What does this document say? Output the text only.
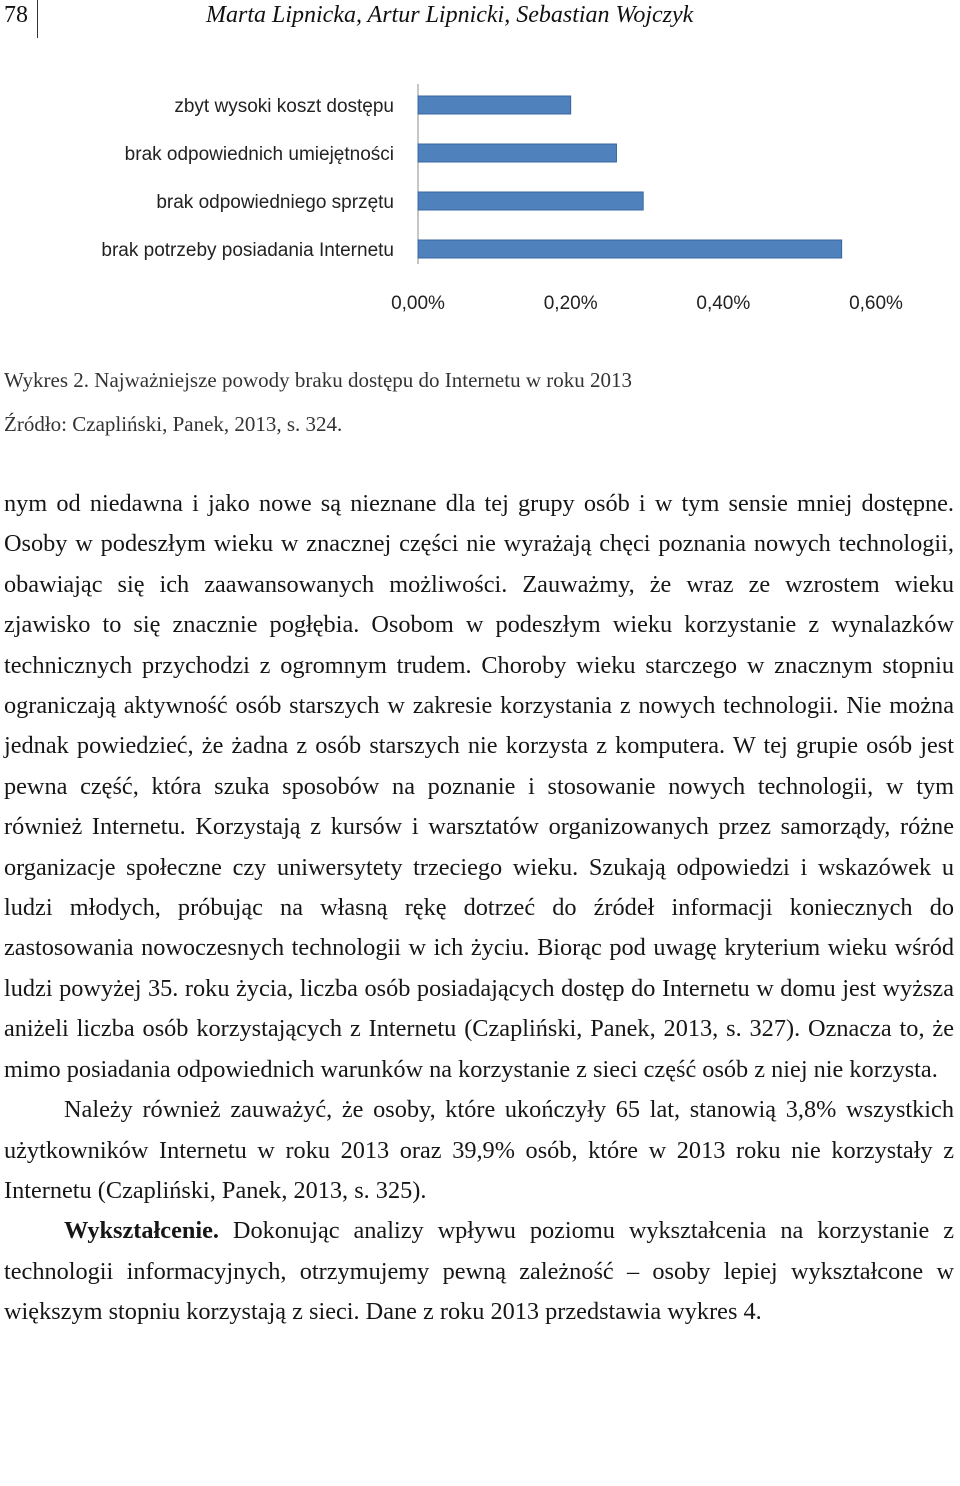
78	Marta Lipnicka, Artur Lipnicki, Sebastian Wojczyk
zbyt wysoki koszt dostępu
brak odpowiednich umiejętności
brak odpowiedniego sprzętu
brak potrzeby posiadania Internetu
0,00%	0,20%	0,40%	0,60%
Wykres 2. Najważniejsze powody braku dostępu do Internetu w roku 2013
Źródło: Czapliński, Panek, 2013, s. 324.

nym od niedawna i jako nowe są nieznane dla tej grupy osób i w tym sensie mniej dostępne. Osoby w podeszłym wieku w znacznej części nie wyrażają chęci poznania nowych technologii, obawiając się ich zaawansowanych możliwości. Zauważmy, że wraz ze wzrostem wieku zjawisko to się znacznie pogłębia. Osobom w podeszłym wieku korzystanie z wynalazków technicznych przychodzi z ogromnym trudem. Choroby wieku starczego w znacznym stopniu ograniczają aktywność osób starszych w zakresie korzystania z nowych technologii. Nie można jednak powiedzieć, że żadna z osób starszych nie korzysta z komputera. W tej grupie osób jest pewna część, która szuka sposobów na poznanie i stosowanie nowych technologii, w tym również Internetu. Korzystają z kursów i warsztatów organizowanych przez samorządy, różne organizacje społeczne czy uniwersytety trzeciego wieku. Szukają odpowiedzi i wskazówek u ludzi młodych, próbując na własną rękę dotrzeć do źródeł informacji koniecznych do zastosowania nowoczesnych technologii w ich życiu. Biorąc pod uwagę kryterium wieku wśród ludzi powyżej 35. roku życia, liczba osób posiadających dostęp do Internetu w domu jest wyższa aniżeli liczba osób korzystających z Internetu (Czapliński, Panek, 2013, s. 327). Oznacza to, że mimo posiadania odpowiednich warunków na korzystanie z sieci część osób z niej nie korzysta.

Należy również zauważyć, że osoby, które ukończyły 65 lat, stanowią 3,8% wszystkich użytkowników Internetu w roku 2013 oraz 39,9% osób, które w 2013 roku nie korzystały z Internetu (Czapliński, Panek, 2013, s. 325).

Wykształcenie. Dokonując analizy wpływu poziomu wykształcenia na korzystanie z technologii informacyjnych, otrzymujemy pewną zależność – osoby lepiej wykształcone w większym stopniu korzystają z sieci. Dane z roku 2013 przedstawia wykres 4.
